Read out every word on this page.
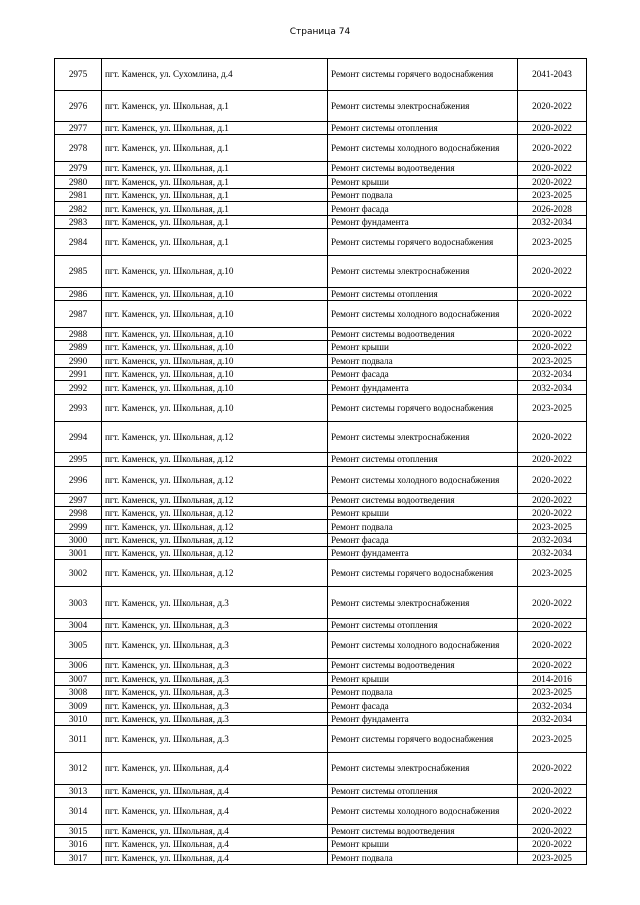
Страница 74
2975	пгт. Каменск, ул. Сухомлина, д.4	Ремонт системы горячего водоснабжения	2041-2043
2976	пгт. Каменск, ул. Школьная, д.1	Ремонт системы электроснабжения	2020-2022
2977	пгт. Каменск, ул. Школьная, д.1	Ремонт системы отопления	2020-2022
2978	пгт. Каменск, ул. Школьная, д.1	Ремонт системы холодного водоснабжения	2020-2022
2979	пгт. Каменск, ул. Школьная, д.1	Ремонт системы водоотведения	2020-2022
2980	пгт. Каменск, ул. Школьная, д.1	Ремонт крыши	2020-2022
2981	пгт. Каменск, ул. Школьная, д.1	Ремонт подвала	2023-2025
2982	пгт. Каменск, ул. Школьная, д.1	Ремонт фасада	2026-2028
2983	пгт. Каменск, ул. Школьная, д.1	Ремонт фундамента	2032-2034
2984	пгт. Каменск, ул. Школьная, д.1	Ремонт системы горячего водоснабжения	2023-2025
2985	пгт. Каменск, ул. Школьная, д.10	Ремонт системы электроснабжения	2020-2022
2986	пгт. Каменск, ул. Школьная, д.10	Ремонт системы отопления	2020-2022
2987	пгт. Каменск, ул. Школьная, д.10	Ремонт системы холодного водоснабжения	2020-2022
2988	пгт. Каменск, ул. Школьная, д.10	Ремонт системы водоотведения	2020-2022
2989	пгт. Каменск, ул. Школьная, д.10	Ремонт крыши	2020-2022
2990	пгт. Каменск, ул. Школьная, д.10	Ремонт подвала	2023-2025
2991	пгт. Каменск, ул. Школьная, д.10	Ремонт фасада	2032-2034
2992	пгт. Каменск, ул. Школьная, д.10	Ремонт фундамента	2032-2034
2993	пгт. Каменск, ул. Школьная, д.10	Ремонт системы горячего водоснабжения	2023-2025
2994	пгт. Каменск, ул. Школьная, д.12	Ремонт системы электроснабжения	2020-2022
2995	пгт. Каменск, ул. Школьная, д.12	Ремонт системы отопления	2020-2022
2996	пгт. Каменск, ул. Школьная, д.12	Ремонт системы холодного водоснабжения	2020-2022
2997	пгт. Каменск, ул. Школьная, д.12	Ремонт системы водоотведения	2020-2022
2998	пгт. Каменск, ул. Школьная, д.12	Ремонт крыши	2020-2022
2999	пгт. Каменск, ул. Школьная, д.12	Ремонт подвала	2023-2025
3000	пгт. Каменск, ул. Школьная, д.12	Ремонт фасада	2032-2034
3001	пгт. Каменск, ул. Школьная, д.12	Ремонт фундамента	2032-2034
3002	пгт. Каменск, ул. Школьная, д.12	Ремонт системы горячего водоснабжения	2023-2025
3003	пгт. Каменск, ул. Школьная, д.3	Ремонт системы электроснабжения	2020-2022
3004	пгт. Каменск, ул. Школьная, д.3	Ремонт системы отопления	2020-2022
3005	пгт. Каменск, ул. Школьная, д.3	Ремонт системы холодного водоснабжения	2020-2022
3006	пгт. Каменск, ул. Школьная, д.3	Ремонт системы водоотведения	2020-2022
3007	пгт. Каменск, ул. Школьная, д.3	Ремонт крыши	2014-2016
3008	пгт. Каменск, ул. Школьная, д.3	Ремонт подвала	2023-2025
3009	пгт. Каменск, ул. Школьная, д.3	Ремонт фасада	2032-2034
3010	пгт. Каменск, ул. Школьная, д.3	Ремонт фундамента	2032-2034
3011	пгт. Каменск, ул. Школьная, д.3	Ремонт системы горячего водоснабжения	2023-2025
3012	пгт. Каменск, ул. Школьная, д.4	Ремонт системы электроснабжения	2020-2022
3013	пгт. Каменск, ул. Школьная, д.4	Ремонт системы отопления	2020-2022
3014	пгт. Каменск, ул. Школьная, д.4	Ремонт системы холодного водоснабжения	2020-2022
3015	пгт. Каменск, ул. Школьная, д.4	Ремонт системы водоотведения	2020-2022
3016	пгт. Каменск, ул. Школьная, д.4	Ремонт крыши	2020-2022
3017	пгт. Каменск, ул. Школьная, д.4	Ремонт подвала	2023-2025
